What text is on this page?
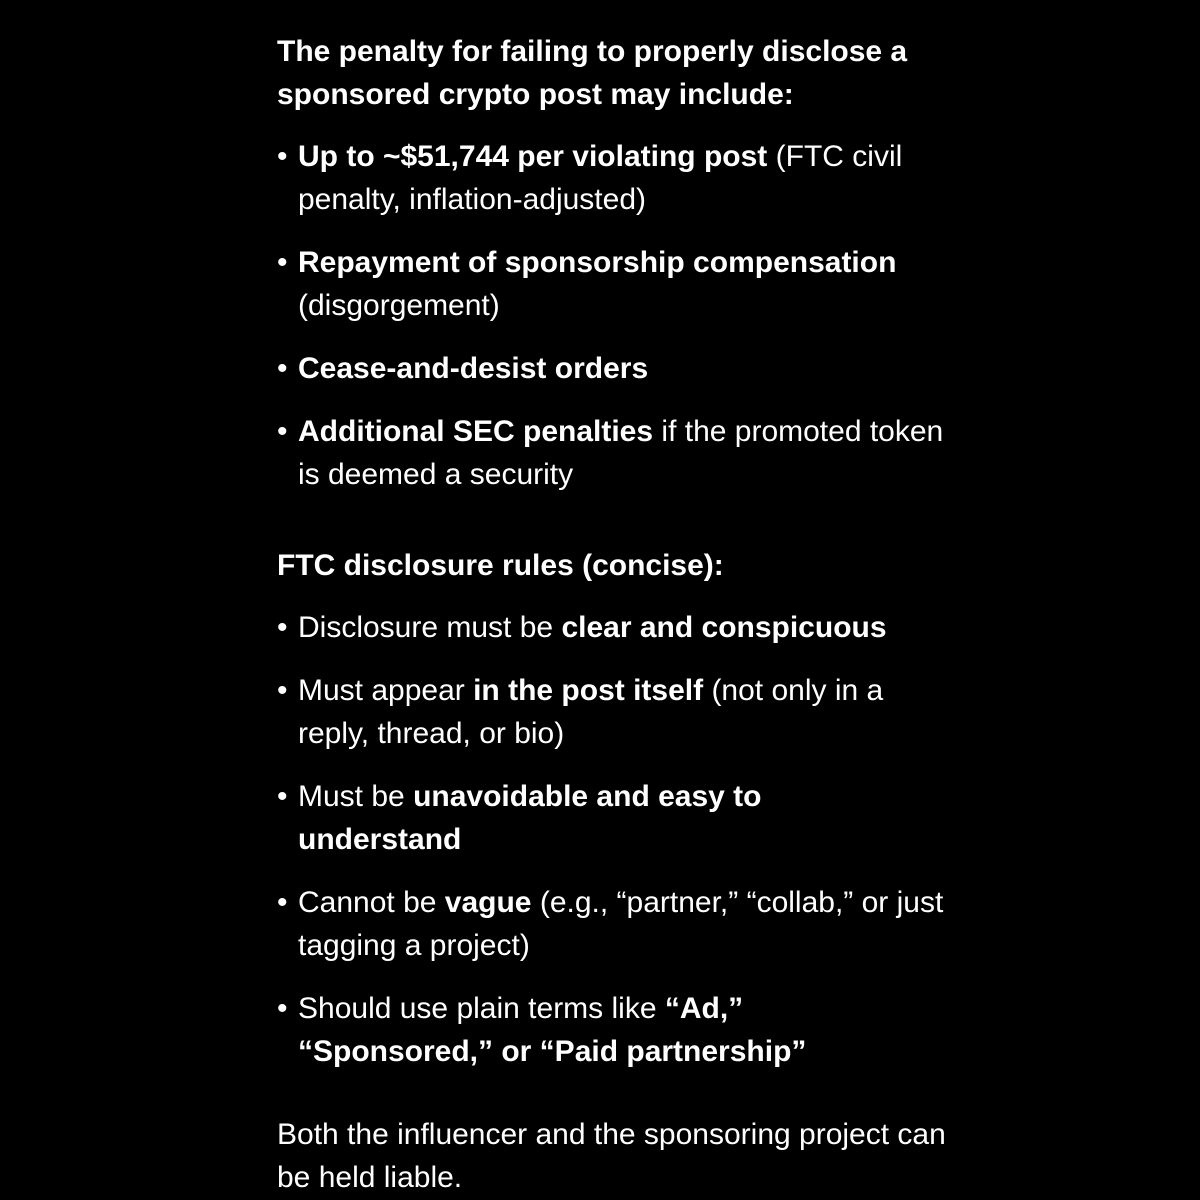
The penalty for failing to properly disclose a sponsored crypto post may include:

• Up to ~$51,744 per violating post (FTC civil penalty, inflation-adjusted)
• Repayment of sponsorship compensation (disgorgement)
• Cease-and-desist orders
• Additional SEC penalties if the promoted token is deemed a security

FTC disclosure rules (concise):

• Disclosure must be clear and conspicuous
• Must appear in the post itself (not only in a reply, thread, or bio)
• Must be unavoidable and easy to understand
• Cannot be vague (e.g., “partner,” “collab,” or just tagging a project)
• Should use plain terms like “Ad,” “Sponsored,” or “Paid partnership”

Both the influencer and the sponsoring project can be held liable.
